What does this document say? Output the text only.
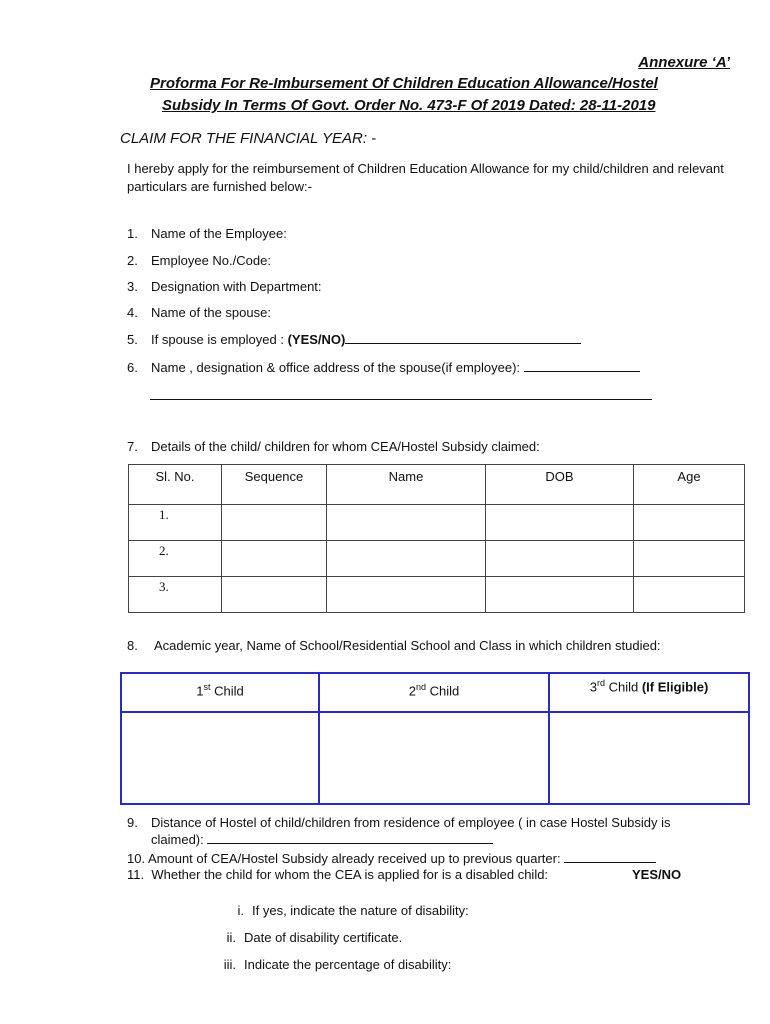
Annexure ‘A’
Proforma For Re-Imbursement Of Children Education Allowance/Hostel
Subsidy In Terms Of Govt. Order No. 473-F Of 2019 Dated: 28-11-2019
CLAIM FOR THE FINANCIAL YEAR: -
I hereby apply for the reimbursement of Children Education Allowance for my child/children and relevant particulars are furnished below:-
1. Name of the Employee:
2. Employee No./Code:
3. Designation with Department:
4. Name of the spouse:
5. If spouse is employed : (YES/NO)
6. Name , designation & office address of the spouse(if employee):
7. Details of the child/ children for whom CEA/Hostel Subsidy claimed:
Sl. No.	Sequence	Name	DOB	Age
1.				
2.				
3.				
8. Academic year, Name of School/Residential School and Class in which children studied:
1st Child	2nd Child	3rd Child (If Eligible)

9. Distance of Hostel of child/children from residence of employee ( in case Hostel Subsidy is
claimed):
10. Amount of CEA/Hostel Subsidy already received up to previous quarter:
11. Whether the child for whom the CEA is applied for is a disabled child:	YES/NO
i. If yes, indicate the nature of disability:
ii. Date of disability certificate.
iii. Indicate the percentage of disability:
